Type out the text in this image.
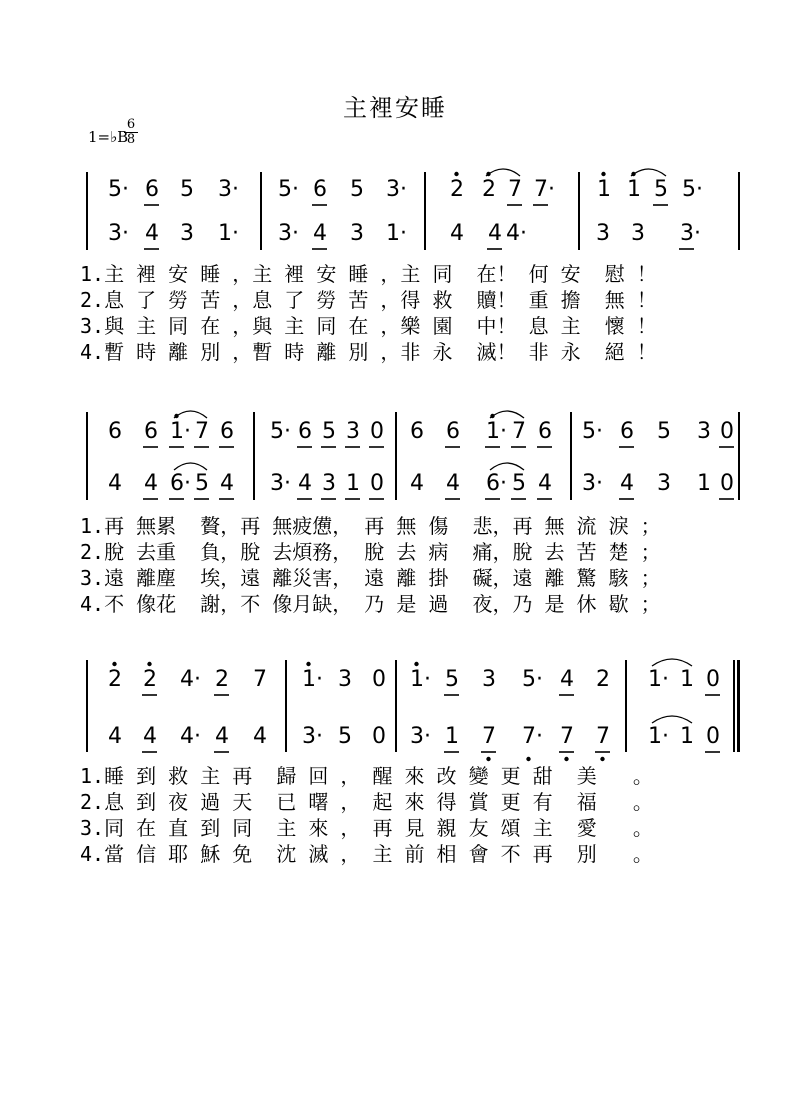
主裡安睡
1=♭B
6
8
5· 6 5 3· 5· 6 5 3· 2 2 7 7· 1 1 5 5·
3· 4 3 1· 3· 4 3 1· 4 4 4·	3 3 3·
1.主 裡 安 睡 ，主 裡 安 睡 ，主 同  在！ 何 安  慰 ！
2.息 了 勞 苦 ，息 了 勞 苦 ，得 救  贖！ 重 擔  無 ！
3.與 主 同 在 ，與 主 同 在 ，樂 園  中！ 息 主  懷 ！
4.暫 時 離 別 ，暫 時 離 別 ，非 永  滅！ 非 永  絕 ！
6 6 1· 7 6 5· 6 5 3 0 6 6 1· 7 6 5· 6 5 3 0
4 4 6· 5 4 3· 4 3 1 0 4 4 6· 5 4 3· 4 3 1 0
1.再 無累  贅，再 無疲憊， 再 無 傷  悲，再 無 流 淚 ；
2.脫 去重  負，脫 去煩務， 脫 去 病  痛，脫 去 苦 楚 ；
3.遠 離塵  埃，遠 離災害， 遠 離 掛  礙，遠 離 驚 駭 ；
4.不 像花  謝，不 像月缺， 乃 是 過  夜，乃 是 休 歇 ；
2 2 4· 2 7 1· 3 0 1· 5 3 5· 4 2 1· 1 0
4 4 4· 4 4 3· 5 0 3· 1 7 7· 7 7 1· 1 0
1.睡 到 救 主 再  歸 回 ， 醒 來 改 變 更 甜  美   。
2.息 到 夜 過 天  已 曙 ， 起 來 得 賞 更 有  福   。
3.同 在 直 到 同  主 來 ， 再 見 親 友 頌 主  愛   。
4.當 信 耶 穌 免  沈 滅 ， 主 前 相 會 不 再  別   。
